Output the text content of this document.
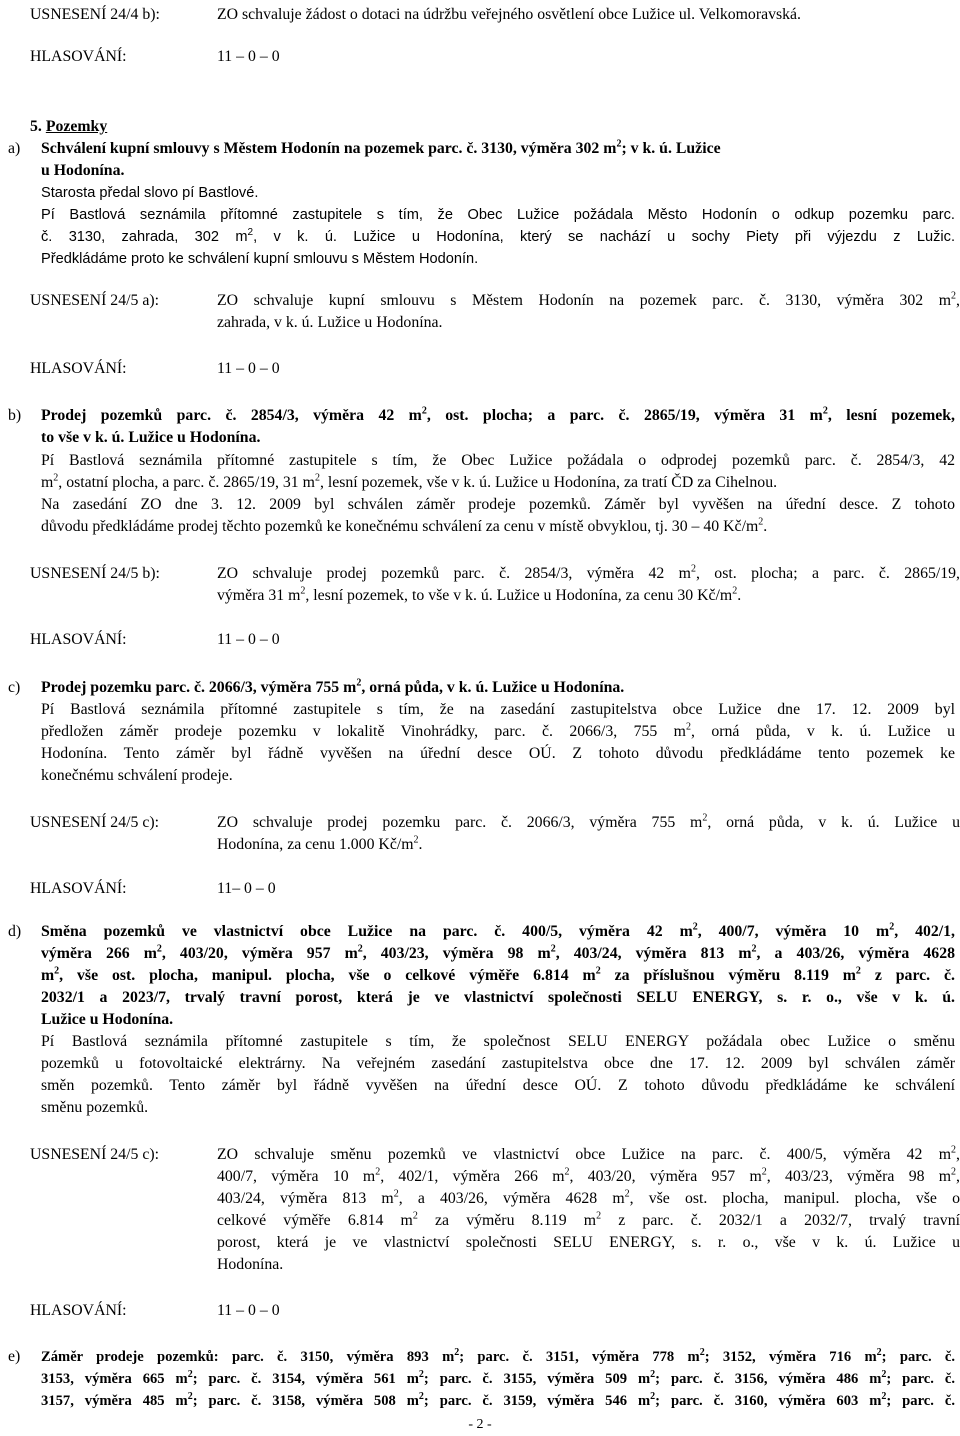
USNESENÍ 24/4 b):	ZO schvaluje žádost o dotaci na údržbu veřejného osvětlení obce Lužice ul. Velkomoravská.
HLASOVÁNÍ:	11 – 0 – 0
5. Pozemky
a) Schválení kupní smlouvy s Městem Hodonín na pozemek parc. č. 3130, výměra 302 $m^2$; v k. ú. Lužice
u Hodonína.
Starosta předal slovo pí Bastlové.
Pí Bastlová seznámila přítomné zastupitele s tím, že Obec Lužice požádala Město Hodonín o odkup pozemku parc.
č. 3130, zahrada, 302 $m^2$, v k. ú. Lužice u Hodonína, který se nachází u sochy Piety při výjezdu z Lužic.
Předkládáme proto ke schválení kupní smlouvu s Městem Hodonín.
USNESENÍ 24/5 a):	ZO schvaluje kupní smlouvu s Městem Hodonín na pozemek parc. č. 3130, výměra 302 $m^2$,
zahrada, v k. ú. Lužice u Hodonína.
HLASOVÁNÍ:	11 – 0 – 0
b) Prodej pozemků parc. č. 2854/3, výměra 42 $m^2$, ost. plocha; a parc. č. 2865/19, výměra 31 $m^2$, lesní pozemek,
to vše v k. ú. Lužice u Hodonína.
Pí Bastlová seznámila přítomné zastupitele s tím, že Obec Lužice požádala o odprodej pozemků parc. č. 2854/3, 42
$m^2$, ostatní plocha, a parc. č. 2865/19, 31 $m^2$, lesní pozemek, vše v k. ú. Lužice u Hodonína, za tratí ČD za Cihelnou.
Na zasedání ZO dne 3. 12. 2009 byl schválen záměr prodeje pozemků. Záměr byl vyvěšen na úřední desce. Z tohoto
důvodu předkládáme prodej těchto pozemků ke konečnému schválení za cenu v místě obvyklou, tj. 30 – 40 $Kč/m^2$.
USNESENÍ 24/5 b):	ZO schvaluje prodej pozemků parc. č. 2854/3, výměra 42 $m^2$, ost. plocha; a parc. č. 2865/19,
výměra 31 $m^2$, lesní pozemek, to vše v k. ú. Lužice u Hodonína, za cenu 30 $Kč/m^2$.
HLASOVÁNÍ:	11 – 0 – 0
c) Prodej pozemku parc. č. 2066/3, výměra 755 $m^2$, orná půda, v k. ú. Lužice u Hodonína.
Pí Bastlová seznámila přítomné zastupitele s tím, že na zasedání zastupitelstva obce Lužice dne 17. 12. 2009 byl
předložen záměr prodeje pozemku v lokalitě Vinohrádky, parc. č. 2066/3, 755 $m^2$, orná půda, v k. ú. Lužice u
Hodonína. Tento záměr byl řádně vyvěšen na úřední desce OÚ. Z tohoto důvodu předkládáme tento pozemek ke
konečnému schválení prodeje.
USNESENÍ 24/5 c):	ZO schvaluje prodej pozemku parc. č. 2066/3, výměra 755 $m^2$, orná půda, v k. ú. Lužice u
Hodonína, za cenu 1.000 $Kč/m^2$.
HLASOVÁNÍ:	11– 0 – 0
d) Směna pozemků ve vlastnictví obce Lužice na parc. č. 400/5, výměra 42 $m^2$, 400/7, výměra 10 $m^2$, 402/1,
výměra 266 $m^2$, 403/20, výměra 957 $m^2$, 403/23, výměra 98 $m^2$, 403/24, výměra 813 $m^2$, a 403/26, výměra 4628
$m^2$, vše ost. plocha, manipul. plocha, vše o celkové výměře 6.814 $m^2$ za příslušnou výměru 8.119 $m^2$ z parc. č.
2032/1 a 2023/7, trvalý travní porost, která je ve vlastnictví společnosti SELU ENERGY, s. r. o., vše v k. ú.
Lužice u Hodonína.
Pí Bastlová seznámila přítomné zastupitele s tím, že společnost SELU ENERGY požádala obec Lužice o směnu
pozemků u fotovoltaické elektrárny. Na veřejném zasedání zastupitelstva obce dne 17. 12. 2009 byl schválen záměr
směn pozemků. Tento záměr byl řádně vyvěšen na úřední desce OÚ. Z tohoto důvodu předkládáme ke schválení
směnu pozemků.
USNESENÍ 24/5 c):	ZO schvaluje směnu pozemků ve vlastnictví obce Lužice na parc. č. 400/5, výměra 42 $m^2$,
400/7, výměra 10 $m^2$, 402/1, výměra 266 $m^2$, 403/20, výměra 957 $m^2$, 403/23, výměra 98 $m^2$,
403/24, výměra 813 $m^2$, a 403/26, výměra 4628 $m^2$, vše ost. plocha, manipul. plocha, vše o
celkové výměře 6.814 $m^2$ za výměru 8.119 $m^2$ z parc. č. 2032/1 a 2032/7, trvalý travní
porost, která je ve vlastnictví společnosti SELU ENERGY, s. r. o., vše v k. ú. Lužice u
Hodonína.
HLASOVÁNÍ:	11 – 0 – 0
e) Záměr prodeje pozemků: parc. č. 3150, výměra 893 $m^2$; parc. č. 3151, výměra 778 $m^2$; 3152, výměra 716 $m^2$; parc. č.
3153, výměra 665 $m^2$; parc. č. 3154, výměra 561 $m^2$; parc. č. 3155, výměra 509 $m^2$; parc. č. 3156, výměra 486 $m^2$; parc. č.
3157, výměra 485 $m^2$; parc. č. 3158, výměra 508 $m^2$; parc. č. 3159, výměra 546 $m^2$; parc. č. 3160, výměra 603 $m^2$; parc. č.
- 2 -
